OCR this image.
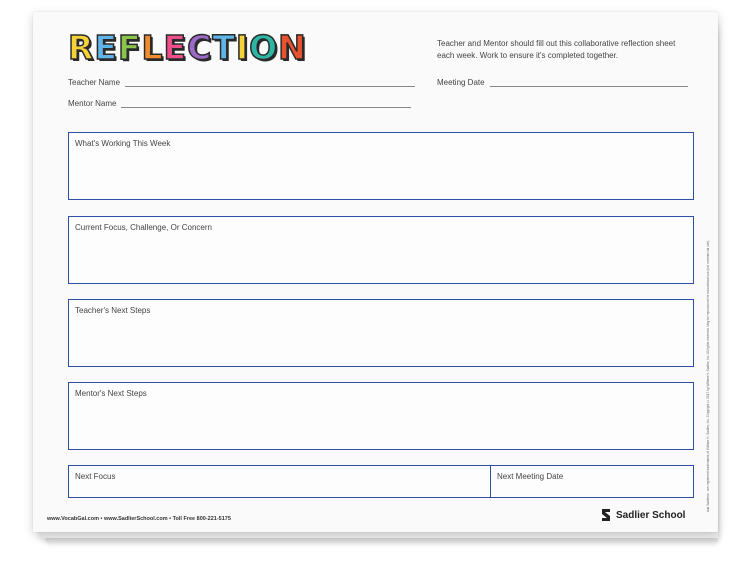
R E F L E C T I O N	Teacher and Mentor should fill out this collaborative reflection sheet each week. Work to ensure it's completed together.
Teacher Name	Meeting Date
Mentor Name
What's Working This Week
Current Focus, Challenge, Or Concern
Teacher's Next Steps
Mentor's Next Steps
Next Focus	Next Meeting Date
www.VocabGal.com • www.SadlierSchool.com • Toll Free 800-221-5175	Sadlier School
and Sadlier® are registered trademarks of William H. Sadlier, Inc. Copyright ©2017 by William H. Sadlier, Inc. All rights reserved. May be reproduced for educational use (not commercial use).
